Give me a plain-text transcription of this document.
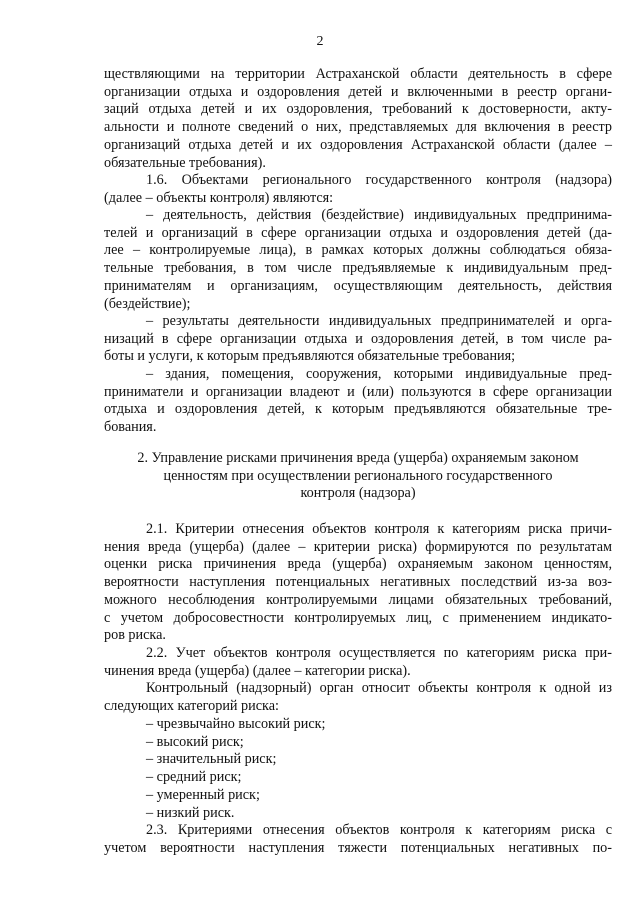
2
ществляющими на территории Астраханской области деятельность в сфере
организации отдыха и оздоровления детей и включенными в реестр органи-
заций отдыха детей и их оздоровления, требований к достоверности, акту-
альности и полноте сведений о них, представляемых для включения в реестр
организаций отдыха детей и их оздоровления Астраханской области (далее –
обязательные требования).
1.6. Объектами регионального государственного контроля (надзора)
(далее – объекты контроля) являются:
– деятельность, действия (бездействие) индивидуальных предпринима-
телей и организаций в сфере организации отдыха и оздоровления детей (да-
лее – контролируемые лица), в рамках которых должны соблюдаться обяза-
тельные требования, в том числе предъявляемые к индивидуальным пред-
принимателям и организациям, осуществляющим деятельность, действия
(бездействие);
– результаты деятельности индивидуальных предпринимателей и орга-
низаций в сфере организации отдыха и оздоровления детей, в том числе ра-
боты и услуги, к которым предъявляются обязательные требования;
– здания, помещения, сооружения, которыми индивидуальные пред-
приниматели и организации владеют и (или) пользуются в сфере организации
отдыха и оздоровления детей, к которым предъявляются обязательные тре-
бования.
2. Управление рисками причинения вреда (ущерба) охраняемым законом
ценностям при осуществлении регионального государственного
контроля (надзора)
2.1. Критерии отнесения объектов контроля к категориям риска причи-
нения вреда (ущерба) (далее – критерии риска) формируются по результатам
оценки риска причинения вреда (ущерба) охраняемым законом ценностям,
вероятности наступления потенциальных негативных последствий из-за воз-
можного несоблюдения контролируемыми лицами обязательных требований,
с учетом добросовестности контролируемых лиц, с применением индикато-
ров риска.
2.2. Учет объектов контроля осуществляется по категориям риска при-
чинения вреда (ущерба) (далее – категории риска).
Контрольный (надзорный) орган относит объекты контроля к одной из
следующих категорий риска:
– чрезвычайно высокий риск;
– высокий риск;
– значительный риск;
– средний риск;
– умеренный риск;
– низкий риск.
2.3. Критериями отнесения объектов контроля к категориям риска с
учетом вероятности наступления тяжести потенциальных негативных по-
